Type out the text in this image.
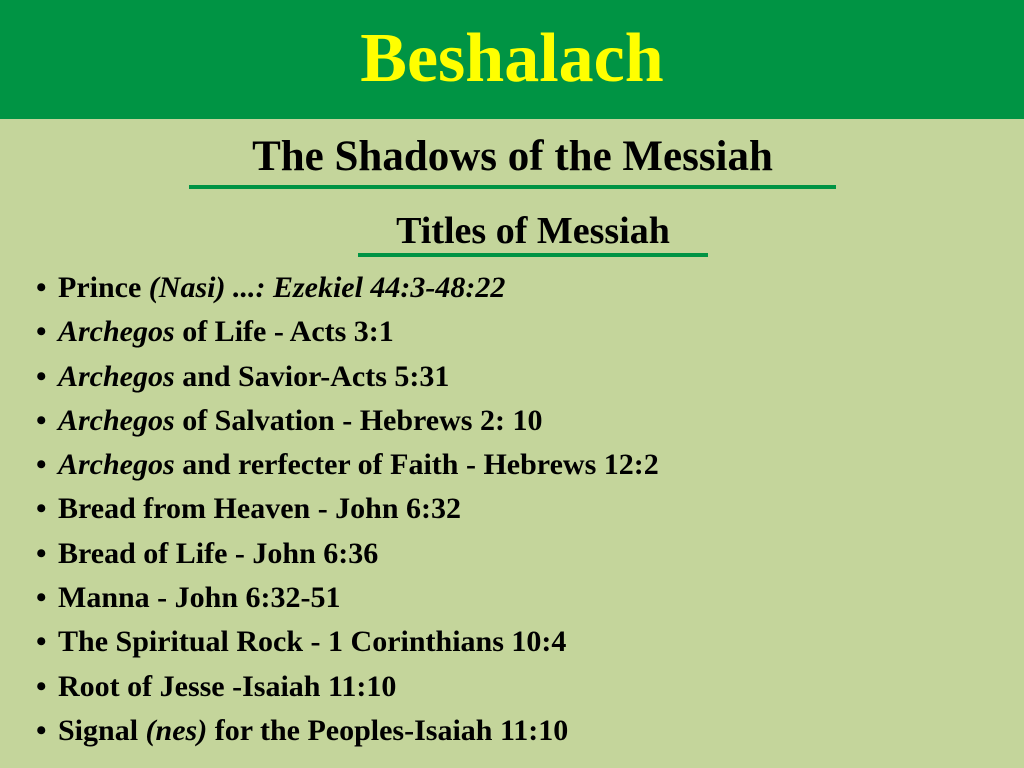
Beshalach
The Shadows of the Messiah
Titles of Messiah
• Prince (Nasi) ...: Ezekiel 44:3-48:22
• Archegos of Life - Acts 3:1
• Archegos and Savior-Acts 5:31
• Archegos of Salvation - Hebrews 2: 10
• Archegos and rerfecter of Faith - Hebrews 12:2
• Bread from Heaven - John 6:32
• Bread of Life - John 6:36
• Manna - John 6:32-51
• The Spiritual Rock - 1 Corinthians 10:4
• Root of Jesse -Isaiah 11:10
• Signal (nes) for the Peoples-Isaiah 11:10
